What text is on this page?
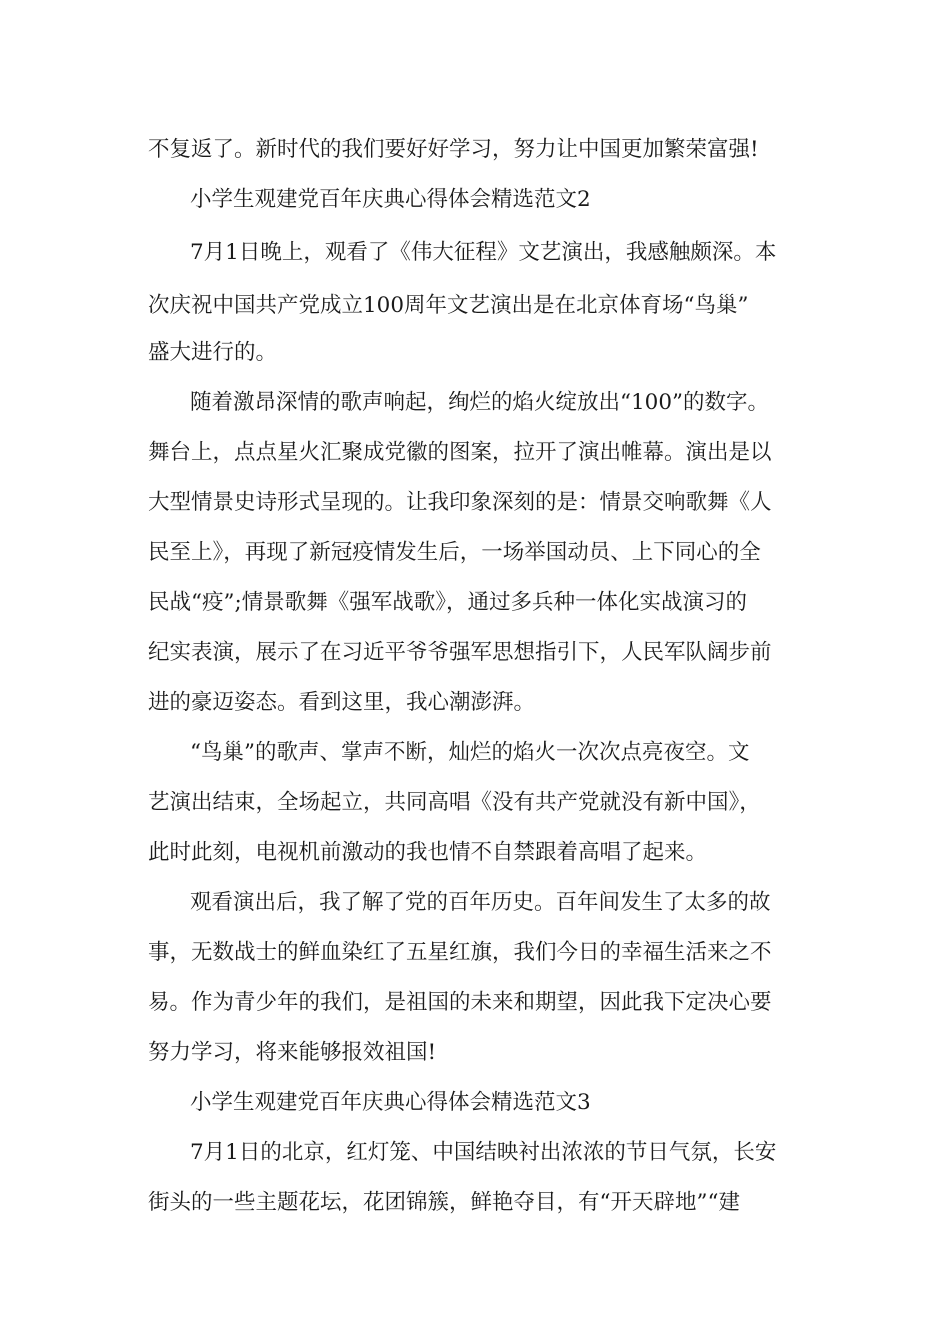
不复返了。新时代的我们要好好学习，努力让中国更加繁荣富强!
小学生观建党百年庆典心得体会精选范文2
7月1日晚上，观看了《伟大征程》文艺演出，我感触颇深。本
次庆祝中国共产党成立100周年文艺演出是在北京体育场“鸟巢”
盛大进行的。
随着激昂深情的歌声响起，绚烂的焰火绽放出“100”的数字。
舞台上，点点星火汇聚成党徽的图案，拉开了演出帷幕。演出是以
大型情景史诗形式呈现的。让我印象深刻的是：情景交响歌舞《人
民至上》，再现了新冠疫情发生后，一场举国动员、上下同心的全
民战“疫”;情景歌舞《强军战歌》，通过多兵种一体化实战演习的
纪实表演，展示了在习近平爷爷强军思想指引下，人民军队阔步前
进的豪迈姿态。看到这里，我心潮澎湃。
“鸟巢”的歌声、掌声不断，灿烂的焰火一次次点亮夜空。文
艺演出结束，全场起立，共同高唱《没有共产党就没有新中国》，
此时此刻，电视机前激动的我也情不自禁跟着高唱了起来。
观看演出后，我了解了党的百年历史。百年间发生了太多的故
事，无数战士的鲜血染红了五星红旗，我们今日的幸福生活来之不
易。作为青少年的我们，是祖国的未来和期望，因此我下定决心要
努力学习，将来能够报效祖国!
小学生观建党百年庆典心得体会精选范文3
7月1日的北京，红灯笼、中国结映衬出浓浓的节日气氛，长安
街头的一些主题花坛，花团锦簇，鲜艳夺目，有“开天辟地”“建
